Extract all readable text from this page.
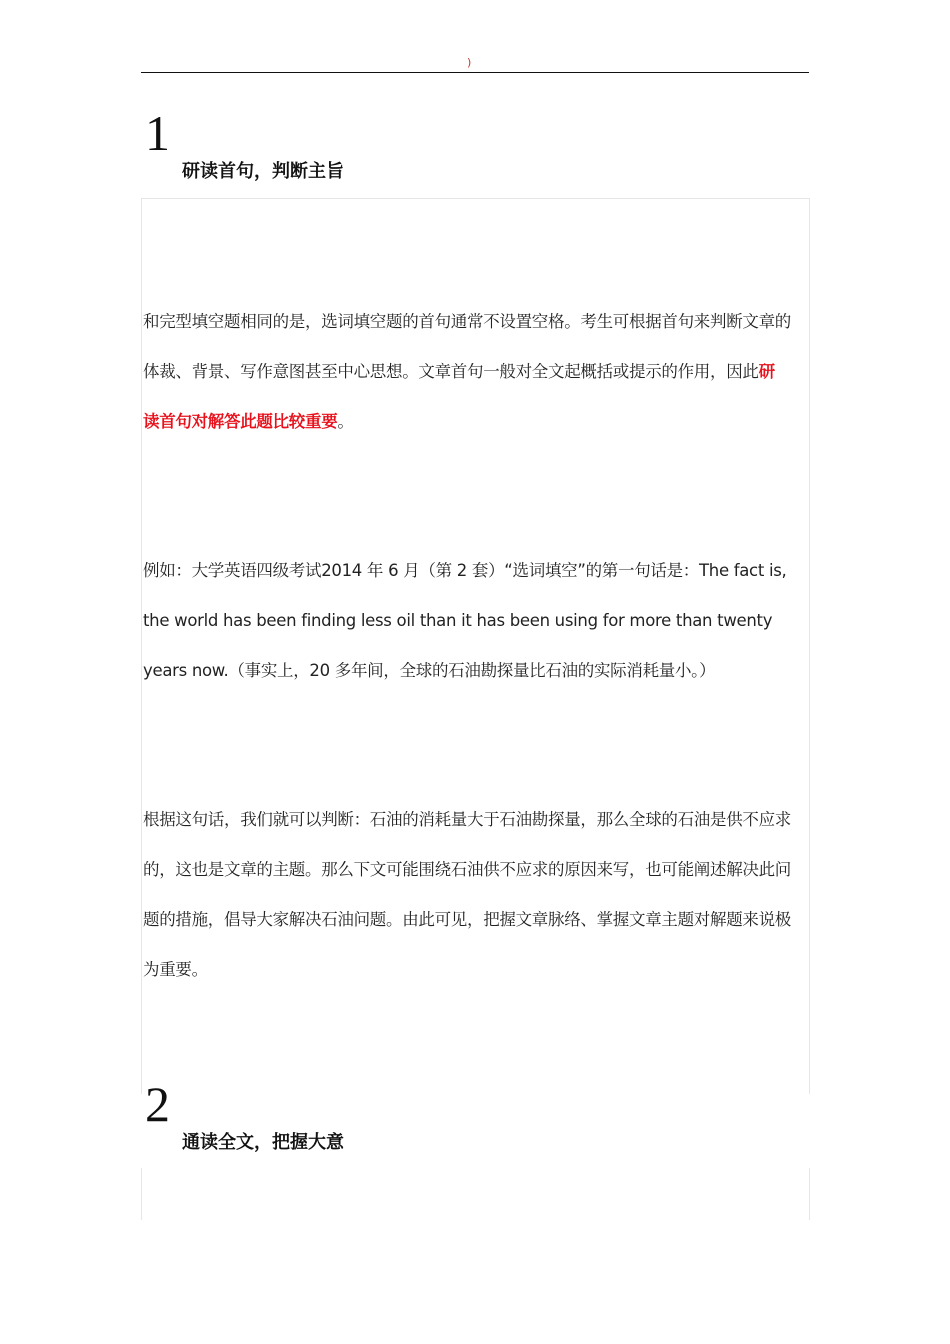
)
1
研读首句，判断主旨

和完型填空题相同的是，选词填空题的首句通常不设置空格。考生可根据首句来判断文章的
体裁、背景、写作意图甚至中心思想。文章首句一般对全文起概括或提示的作用，因此研
读首句对解答此题比较重要。

例如：大学英语四级考试2014 年 6 月（第 2 套）“选词填空”的第一句话是：The fact is,
the world has been finding less oil than it has been using for more than twenty
years now.（事实上，20 多年间，全球的石油勘探量比石油的实际消耗量小。）

根据这句话，我们就可以判断：石油的消耗量大于石油勘探量，那么全球的石油是供不应求
的，这也是文章的主题。那么下文可能围绕石油供不应求的原因来写，也可能阐述解决此问
题的措施，倡导大家解决石油问题。由此可见，把握文章脉络、掌握文章主题对解题来说极
为重要。

2
通读全文，把握大意
